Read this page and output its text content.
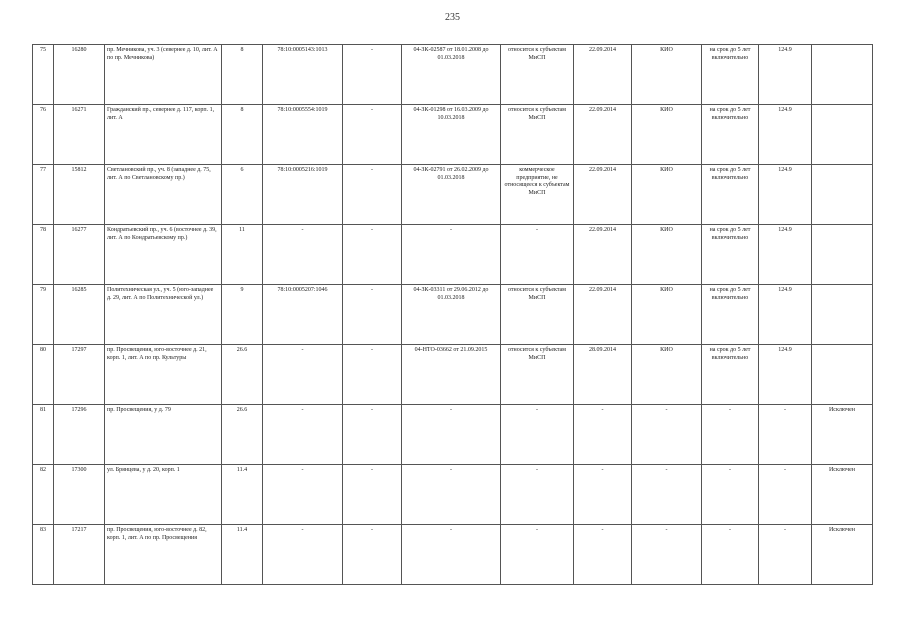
235
75	16280	пр. Мечникова, уч. 3 (севернее д. 10, лит. А по пр. Мечникова)	8	78:10:0005143:1013	-	04-ЗК-02587 от 18.01.2008 до 01.03.2018	относится к субъектам МиСП	22.09.2014	КИО	на срок до 5 лет включительно	124.9	
76	16271	Гражданский пр., севернее д. 117, корп. 1, лит. А	8	78:10:0005554:1019	-	04-ЗК-01298 от 16.03.2009 до 10.03.2018	относится к субъектам МиСП	22.09.2014	КИО	на срок до 5 лет включительно	124.9	
77	15812	Светлановский пр., уч. 8 (западнее д. 75, лит. А по Светлановскому пр.)	6	78:10:0005216:1019	-	04-ЗК-02791 от 26.02.2009 до 01.03.2018	коммерческое предприятие, не относящееся к субъектам МиСП	22.09.2014	КИО	на срок до 5 лет включительно	124.9	
78	16277	Кондратьевский пр., уч. 6 (восточнее д. 39, лит. А по Кондратьевскому пр.)	11	-	-	-	-	22.09.2014	КИО	на срок до 5 лет включительно	124.9	
79	16285	Политехническая ул., уч. 5 (юго-западнее д. 29, лит. А по Политехнической ул.)	9	78:10:0005207:1046	-	04-ЗК-03311 от 29.06.2012 до 01.03.2018	относится к субъектам МиСП	22.09.2014	КИО	на срок до 5 лет включительно	124.9	
80	17297	пр. Просвещения, юго-восточнее д. 21, корп. 1, лит. А по пр. Культуры	26.6	-	-	04-НТО-03662 от 21.09.2015	относится к субъектам МиСП	28.09.2014	КИО	на срок до 5 лет включительно	124.9	
81	17296	пр. Просвещения, у д. 79	26.6	-	-	-	-	-	-	-	-	Исключен
82	17300	ул. Брянцева, у д. 20, корп. 1	11.4	-	-	-	-	-	-	-	-	Исключен
83	17217	пр. Просвещения, юго-восточнее д. 82, корп. 1, лит. А по пр. Просвещения	11.4	-	-	-	-	-	-	-	-	Исключен
